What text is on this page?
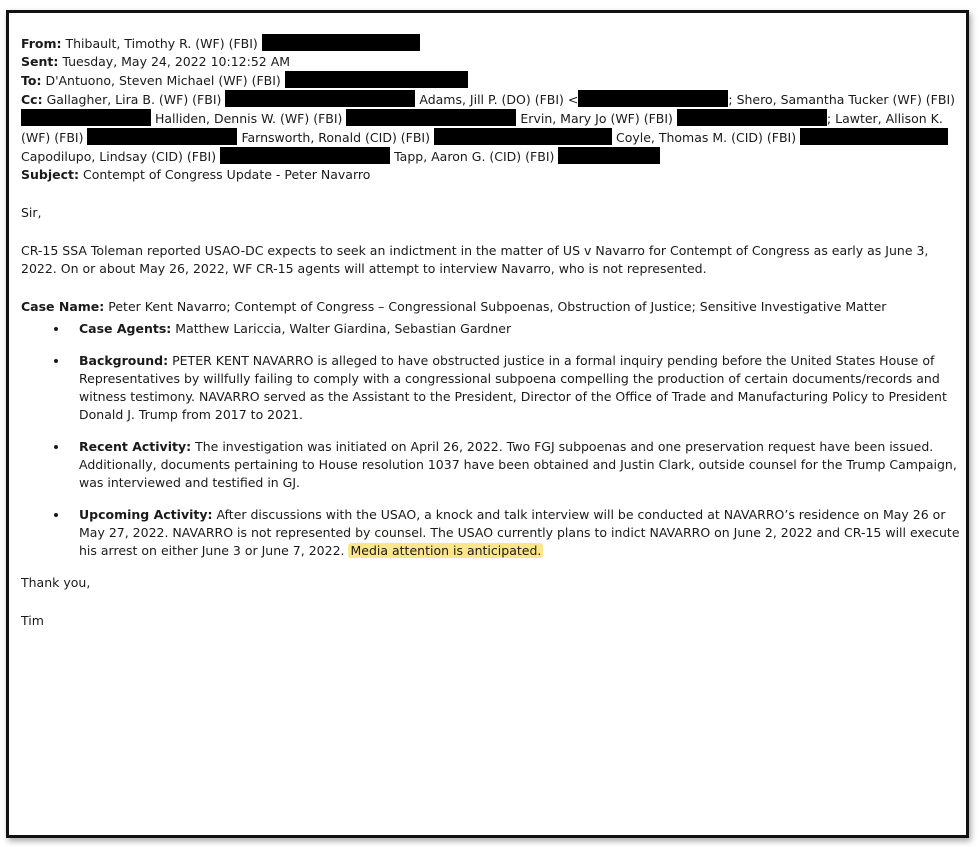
From: Thibault, Timothy R. (WF) (FBI)
Sent: Tuesday, May 24, 2022 10:12:52 AM
To: D'Antuono, Steven Michael (WF) (FBI)
Cc: Gallagher, Lira B. (WF) (FBI)	Adams, Jill P. (DO) (FBI) <	; Shero, Samantha Tucker (WF) (FBI)  Halliden, Dennis W. (WF) (FBI)	Ervin, Mary Jo (WF) (FBI)	; Lawter, Allison K. (WF) (FBI)	Farnsworth, Ronald (CID) (FBI)	Coyle, Thomas M. (CID) (FBI)  Capodilupo, Lindsay (CID) (FBI)	Tapp, Aaron G. (CID) (FBI)
Subject: Contempt of Congress Update - Peter Navarro

Sir,

CR-15 SSA Toleman reported USAO-DC expects to seek an indictment in the matter of US v Navarro for Contempt of Congress as early as June 3, 2022. On or about May 26, 2022, WF CR-15 agents will attempt to interview Navarro, who is not represented.

Case Name: Peter Kent Navarro; Contempt of Congress – Congressional Subpoenas, Obstruction of Justice; Sensitive Investigative Matter

• Case Agents: Matthew Lariccia, Walter Giardina, Sebastian Gardner
• Background: PETER KENT NAVARRO is alleged to have obstructed justice in a formal inquiry pending before the United States House of Representatives by willfully failing to comply with a congressional subpoena compelling the production of certain documents/records and witness testimony. NAVARRO served as the Assistant to the President, Director of the Office of Trade and Manufacturing Policy to President Donald J. Trump from 2017 to 2021.
• Recent Activity: The investigation was initiated on April 26, 2022. Two FGJ subpoenas and one preservation request have been issued. Additionally, documents pertaining to House resolution 1037 have been obtained and Justin Clark, outside counsel for the Trump Campaign, was interviewed and testified in GJ.
• Upcoming Activity: After discussions with the USAO, a knock and talk interview will be conducted at NAVARRO’s residence on May 26 or May 27, 2022. NAVARRO is not represented by counsel. The USAO currently plans to indict NAVARRO on June 2, 2022 and CR-15 will execute his arrest on either June 3 or June 7, 2022. Media attention is anticipated.

Thank you,

Tim
